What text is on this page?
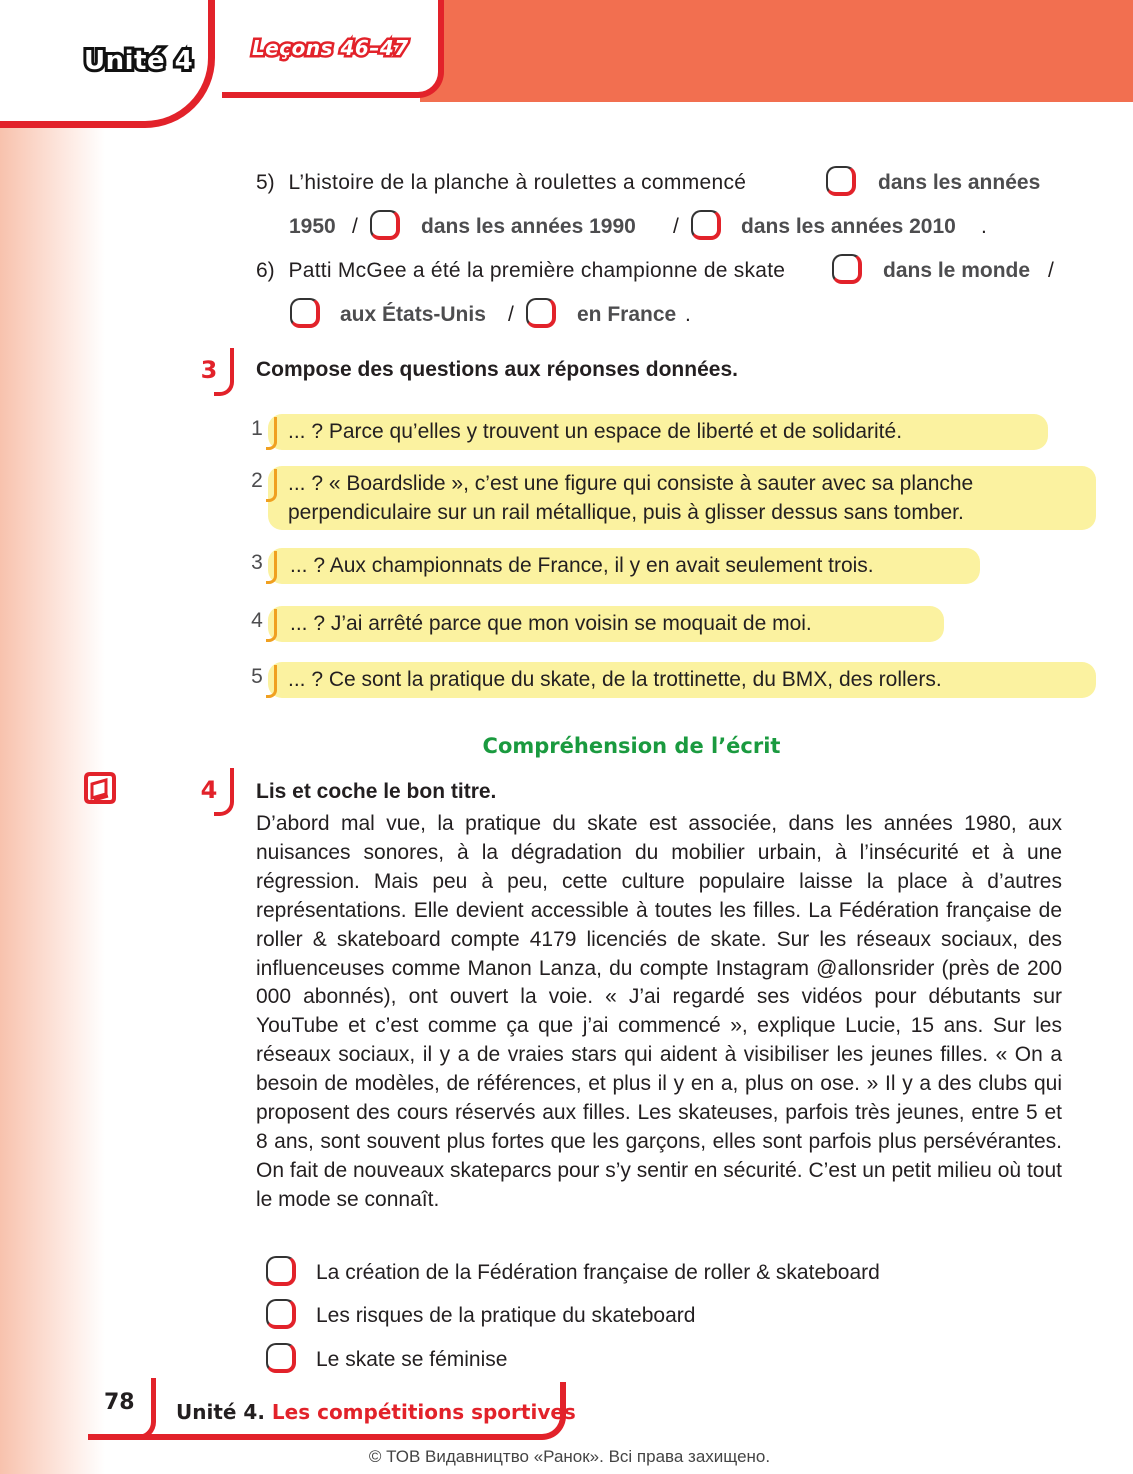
Unité 4	Leçons 46–47
5) L’histoire de la planche à roulettes a commencé	dans les années
1950 /	dans les années 1990 /	dans les années 2010 .
6) Patti McGee a été la première championne de skate	dans le monde /
aux États-Unis /	en France .
3	Compose des questions aux réponses données.
1 ... ? Parce qu’elles y trouvent un espace de liberté et de solidarité.
2 ... ? « Boardslide », c’est une figure qui consiste à sauter avec sa planche
perpendiculaire sur un rail métallique, puis à glisser dessus sans tomber.
3 ... ? Aux championnats de France, il y en avait seulement trois.
4 ... ? J’ai arrêté parce que mon voisin se moquait de moi.
5 ... ? Ce sont la pratique du skate, de la trottinette, du BMX, des rollers.
Compréhension de l’écrit
4	Lis et coche le bon titre.
D’abord mal vue, la pratique du skate est associée, dans les années 1980, aux nuisances sonores, à la dégradation du mobilier urbain, à l’insécurité et à une régression. Mais peu à peu, cette culture populaire laisse la place à d’autres représentations. Elle devient accessible à toutes les filles. La Fédération française de roller & skateboard compte 4179 licenciés de skate. Sur les réseaux sociaux, des influenceuses comme Manon Lanza, du compte Instagram @allonsrider (près de 200 000 abonnés), ont ouvert la voie. « J’ai regardé ses vidéos pour débutants sur YouTube et c’est comme ça que j’ai commencé », explique Lucie, 15 ans. Sur les réseaux sociaux, il y a de vraies stars qui aident à visibiliser les jeunes filles. « On a besoin de modèles, de références, et plus il y en a, plus on ose. » Il y a des clubs qui proposent des cours réservés aux filles. Les skateuses, parfois très jeunes, entre 5 et 8 ans, sont souvent plus fortes que les garçons, elles sont parfois plus persévérantes. On fait de nouveaux skateparcs pour s’y sentir en sécurité. C’est un petit milieu où tout le mode se connaît.
La création de la Fédération française de roller & skateboard
Les risques de la pratique du skateboard
Le skate se féminise
78 Unité 4. Les compétitions sportives
© ТОВ Видавництво «Ранок». Всі права захищено.
